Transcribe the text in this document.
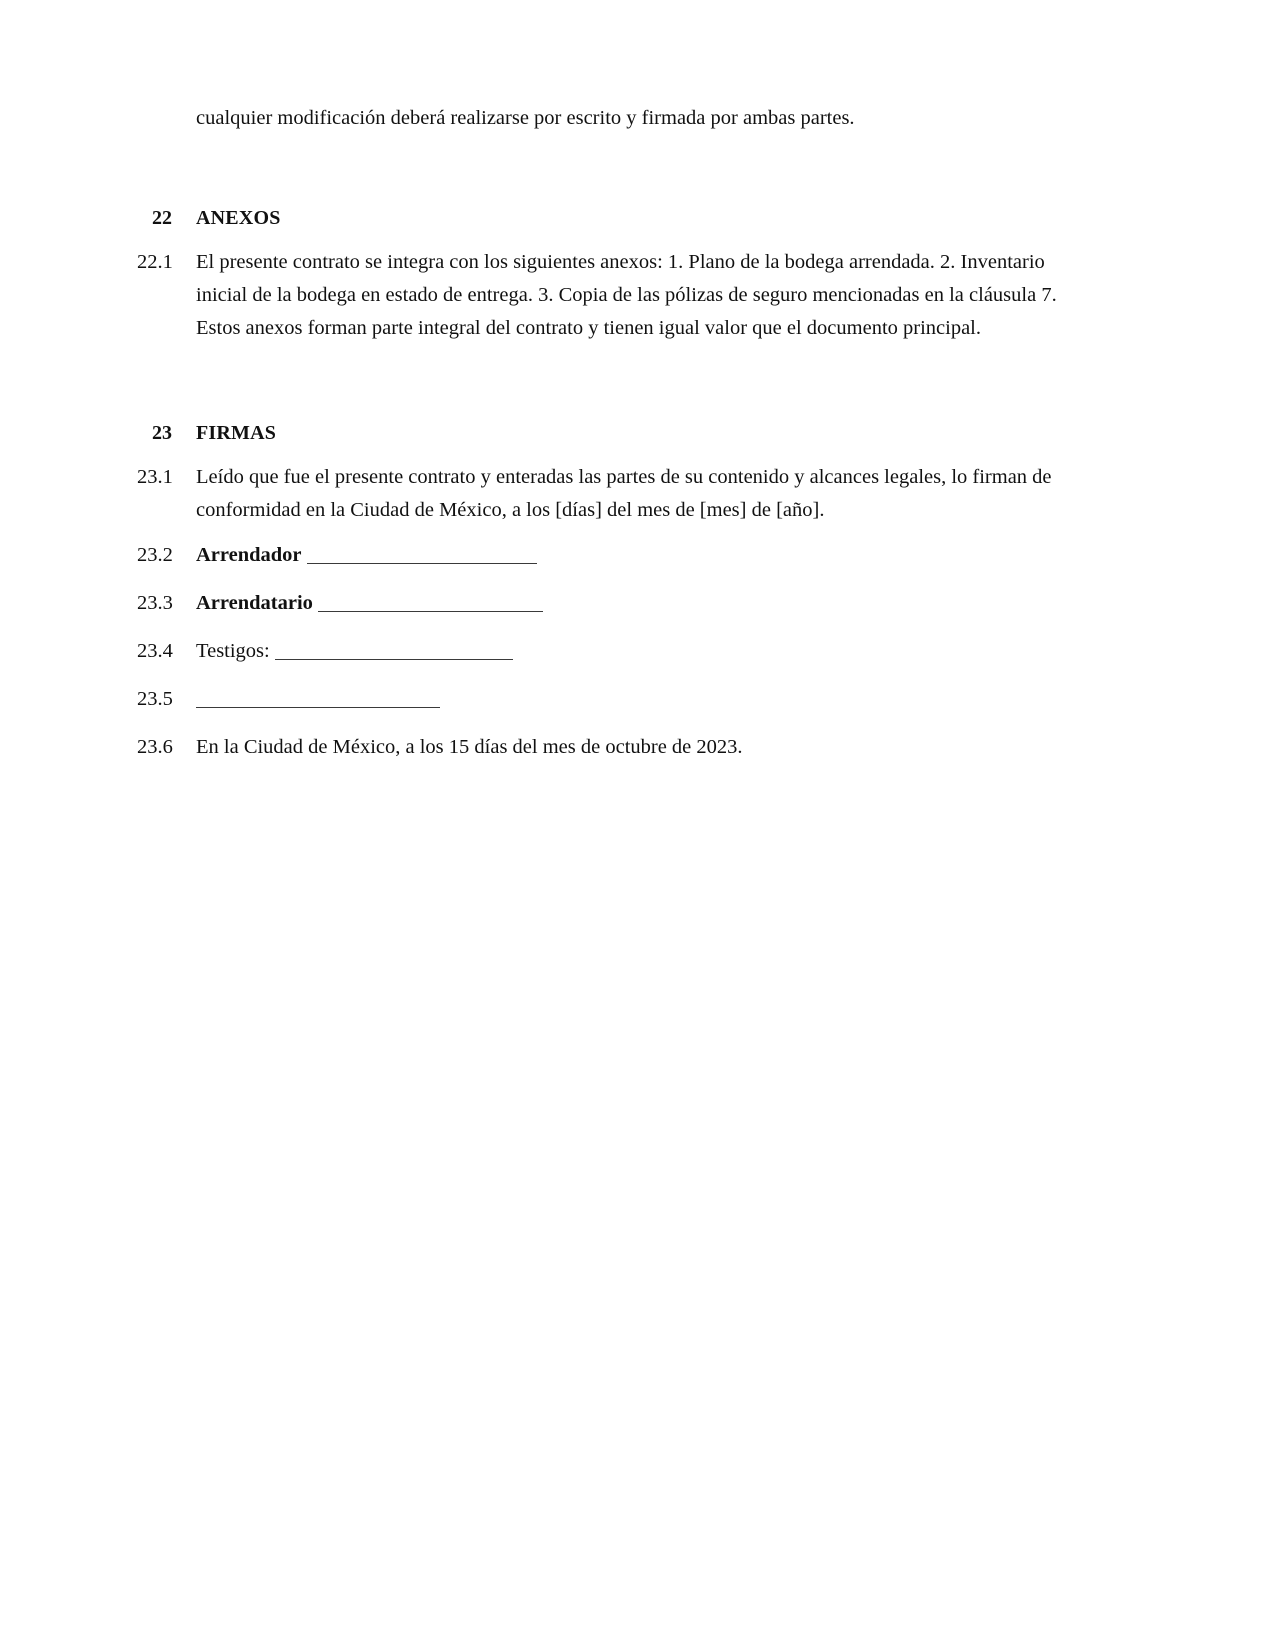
cualquier modificación deberá realizarse por escrito y firmada por ambas partes.

22	ANEXOS
22.1	El presente contrato se integra con los siguientes anexos: 1. Plano de la bodega arrendada. 2. Inventario inicial de la bodega en estado de entrega. 3. Copia de las pólizas de seguro mencionadas en la cláusula 7. Estos anexos forman parte integral del contrato y tienen igual valor que el documento principal.
23	FIRMAS
23.1	Leído que fue el presente contrato y enteradas las partes de su contenido y alcances legales, lo firman de conformidad en la Ciudad de México, a los [días] del mes de [mes] de [año].
23.2	Arrendador
23.3	Arrendatario
23.4	Testigos:
23.5
23.6	En la Ciudad de México, a los 15 días del mes de octubre de 2023.
